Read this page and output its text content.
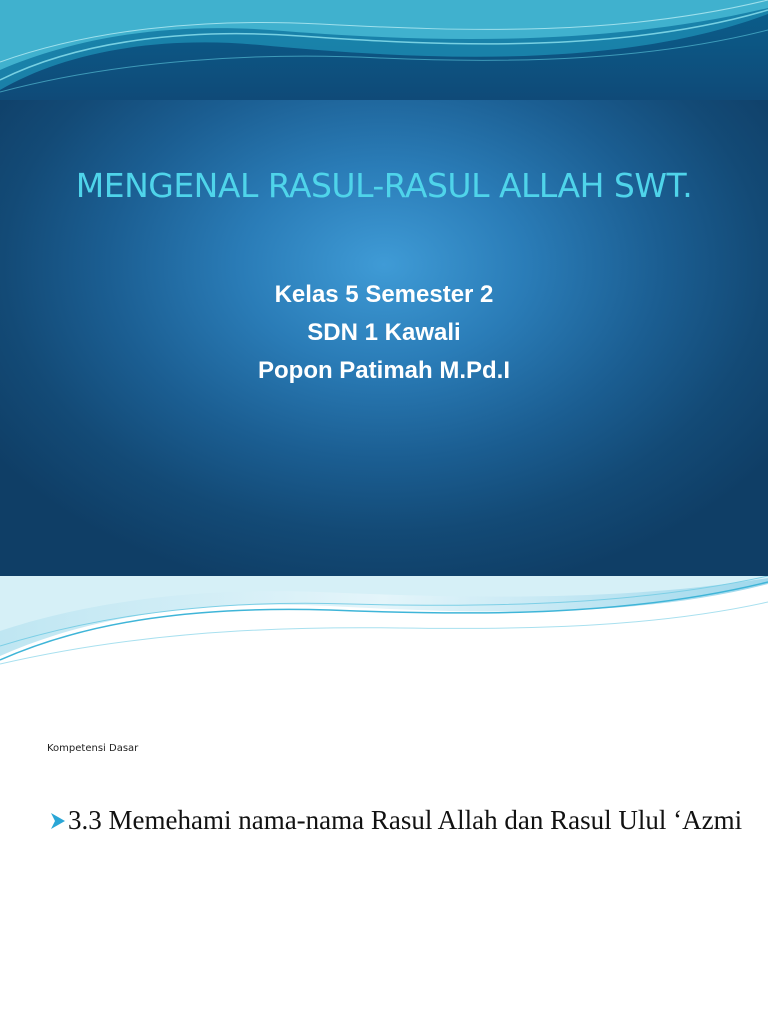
MENGENAL RASUL-RASUL ALLAH SWT.
Kelas 5 Semester 2
SDN 1 Kawali
Popon Patimah M.Pd.I
Kompetensi Dasar
3.3 Memehami nama-nama Rasul Allah dan Rasul Ulul ‘Azmi
